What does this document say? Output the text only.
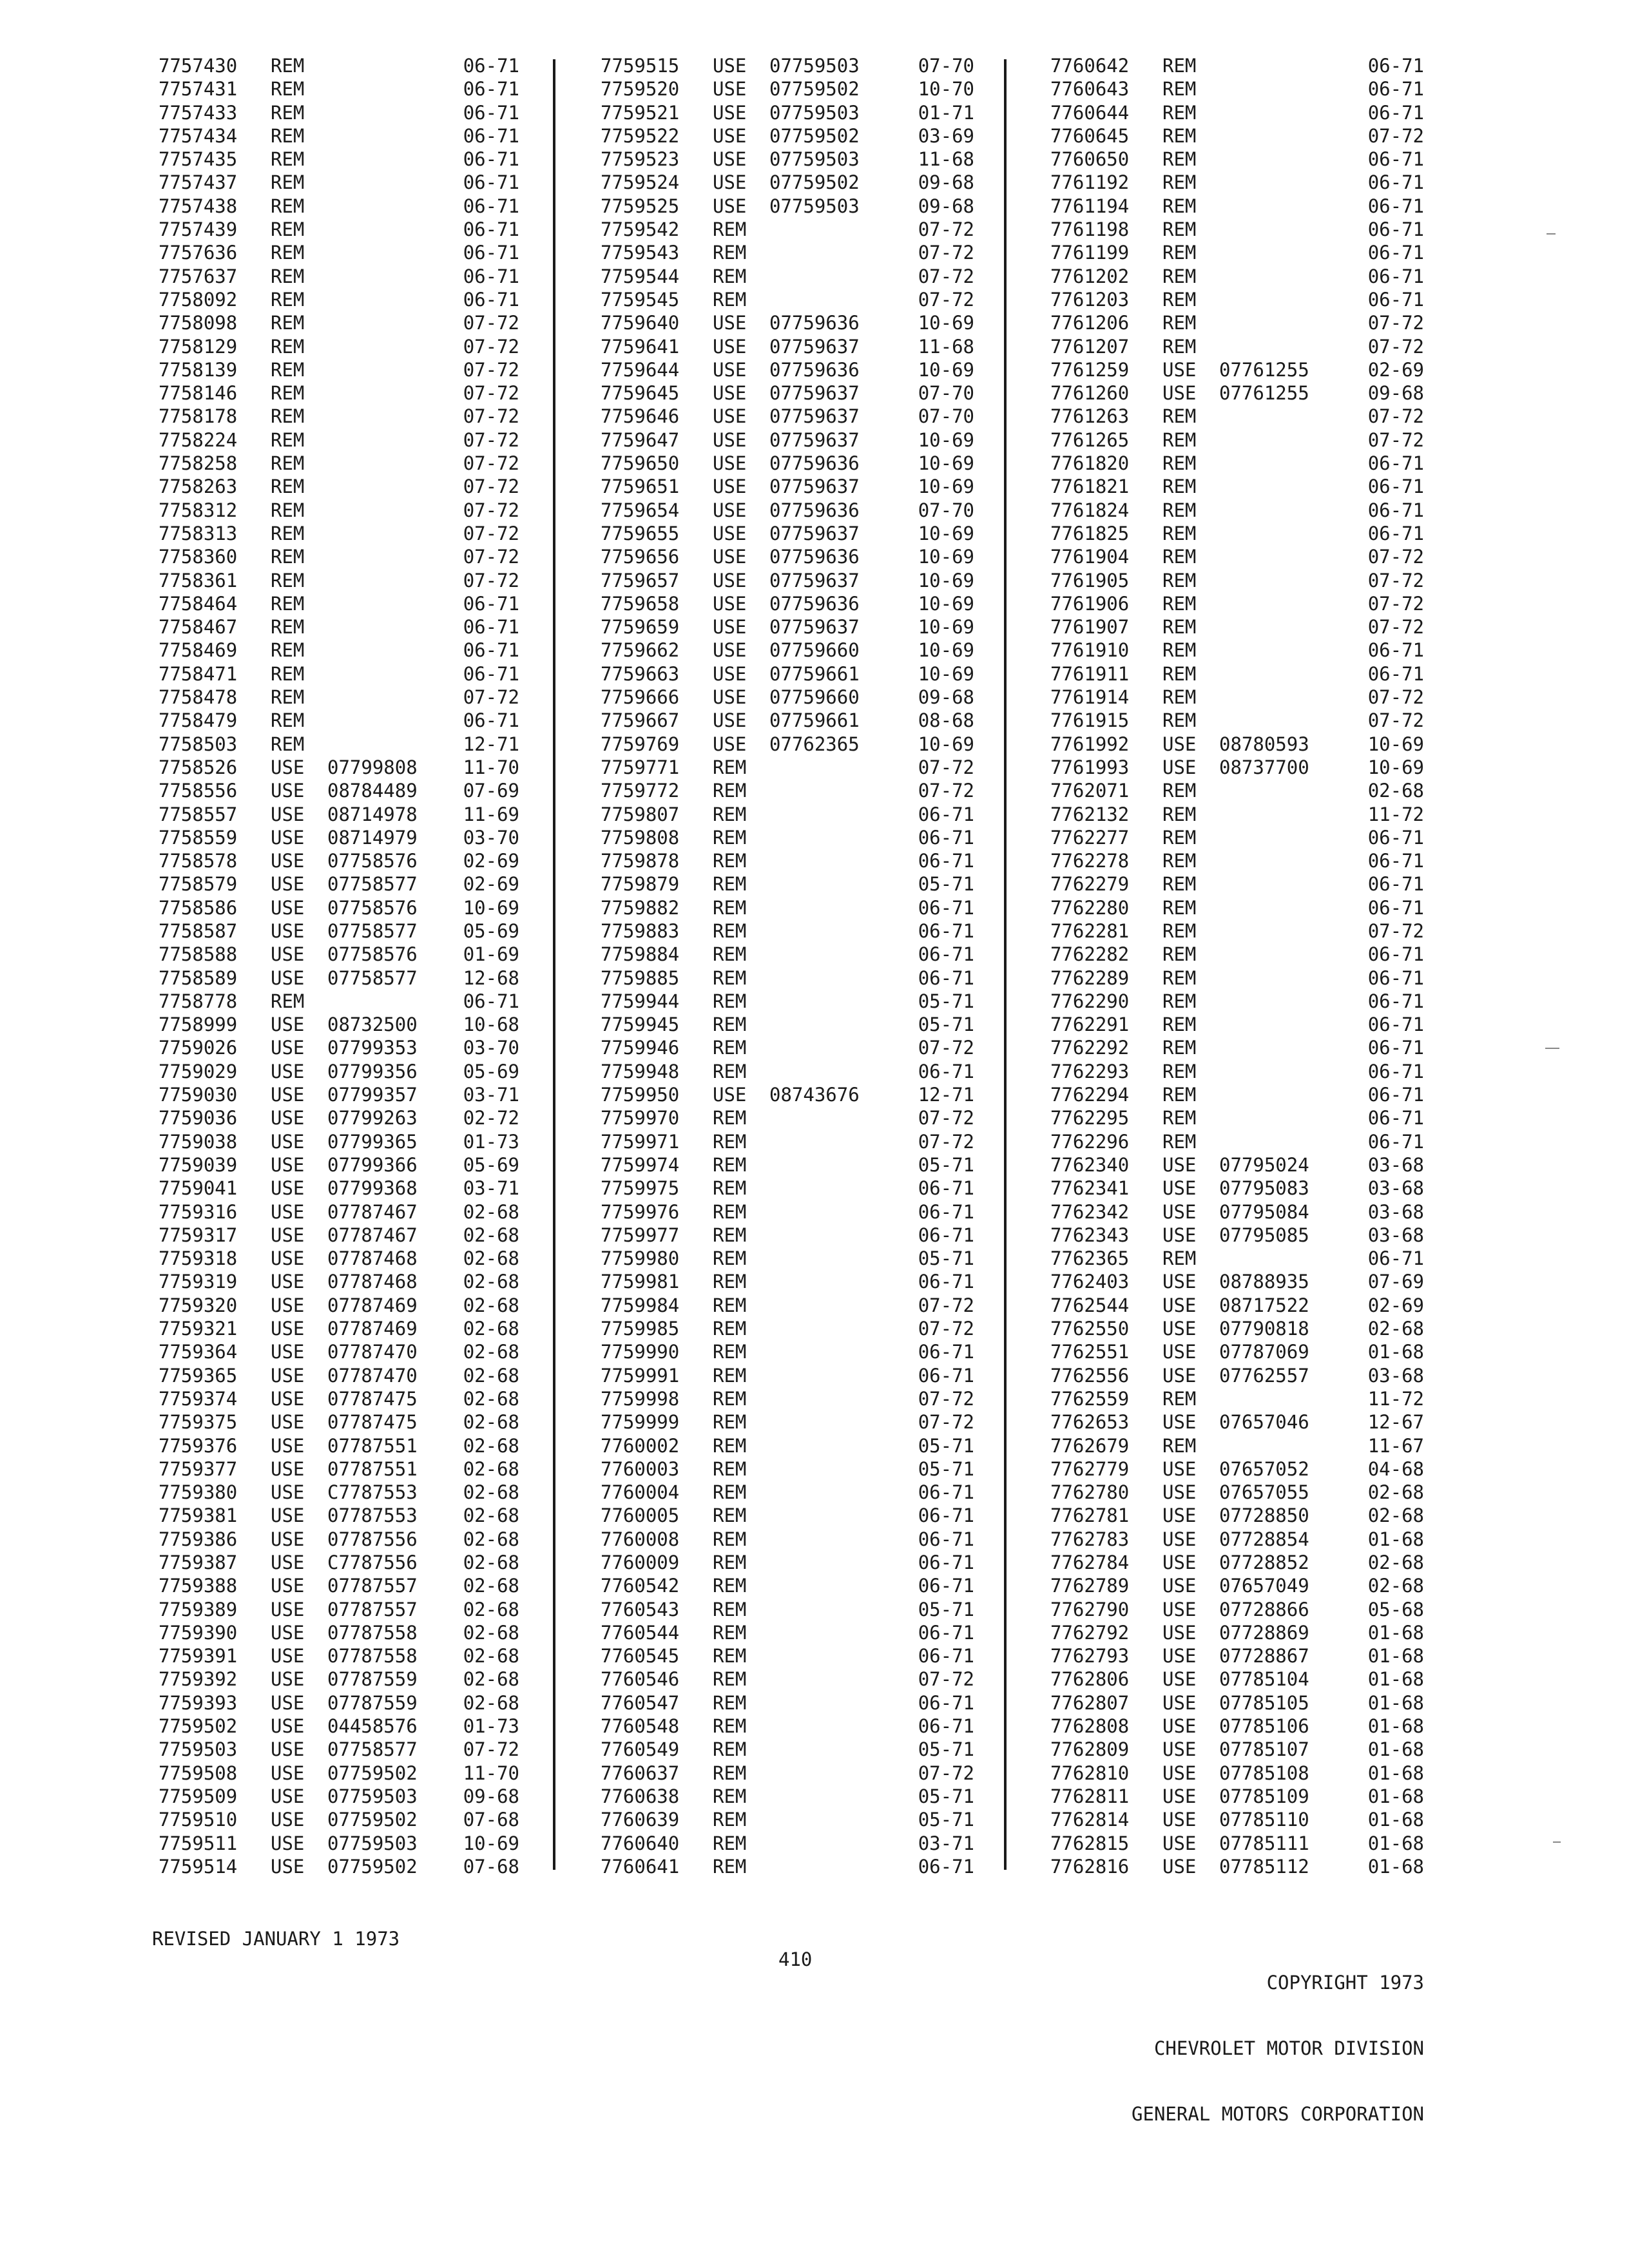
7757430 REM	06-71
7757431 REM	06-71
7757433 REM	06-71
7757434 REM	06-71
7757435 REM	06-71
7757437 REM	06-71
7757438 REM	06-71
7757439 REM	06-71
7757636 REM	06-71
7757637 REM	06-71
7758092 REM	06-71
7758098 REM	07-72
7758129 REM	07-72
7758139 REM	07-72
7758146 REM	07-72
7758178 REM	07-72
7758224 REM	07-72
7758258 REM	07-72
7758263 REM	07-72
7758312 REM	07-72
7758313 REM	07-72
7758360 REM	07-72
7758361 REM	07-72
7758464 REM	06-71
7758467 REM	06-71
7758469 REM	06-71
7758471 REM	06-71
7758478 REM	07-72
7758479 REM	06-71
7758503 REM	12-71
7758526 USE 07799808 11-70
7758556 USE 08784489 07-69
7758557 USE 08714978 11-69
7758559 USE 08714979 03-70
7758578 USE 07758576 02-69
7758579 USE 07758577 02-69
7758586 USE 07758576 10-69
7758587 USE 07758577 05-69
7758588 USE 07758576 01-69
7758589 USE 07758577 12-68
7758778 REM	06-71
7758999 USE 08732500 10-68
7759026 USE 07799353 03-70
7759029 USE 07799356 05-69
7759030 USE 07799357 03-71
7759036 USE 07799263 02-72
7759038 USE 07799365 01-73
7759039 USE 07799366 05-69
7759041 USE 07799368 03-71
7759316 USE 07787467 02-68
7759317 USE 07787467 02-68
7759318 USE 07787468 02-68
7759319 USE 07787468 02-68
7759320 USE 07787469 02-68
7759321 USE 07787469 02-68
7759364 USE 07787470 02-68
7759365 USE 07787470 02-68
7759374 USE 07787475 02-68
7759375 USE 07787475 02-68
7759376 USE 07787551 02-68
7759377 USE 07787551 02-68
7759380 USE C7787553 02-68
7759381 USE 07787553 02-68
7759386 USE 07787556 02-68
7759387 USE C7787556 02-68
7759388 USE 07787557 02-68
7759389 USE 07787557 02-68
7759390 USE 07787558 02-68
7759391 USE 07787558 02-68
7759392 USE 07787559 02-68
7759393 USE 07787559 02-68
7759502 USE 04458576 01-73
7759503 USE 07758577 07-72
7759508 USE 07759502 11-70
7759509 USE 07759503 09-68
7759510 USE 07759502 07-68
7759511 USE 07759503 10-69
7759514 USE 07759502 07-68
7759515 USE 07759503	07-70
7759520 USE 07759502	10-70
7759521 USE 07759503	01-71
7759522 USE 07759502	03-69
7759523 USE 07759503	11-68
7759524 USE 07759502	09-68
7759525 USE 07759503	09-68
7759542 REM	07-72
7759543 REM	07-72
7759544 REM	07-72
7759545 REM	07-72
7759640 USE 07759636	10-69
7759641 USE 07759637	11-68
7759644 USE 07759636	10-69
7759645 USE 07759637	07-70
7759646 USE 07759637	07-70
7759647 USE 07759637	10-69
7759650 USE 07759636	10-69
7759651 USE 07759637	10-69
7759654 USE 07759636	07-70
7759655 USE 07759637	10-69
7759656 USE 07759636	10-69
7759657 USE 07759637	10-69
7759658 USE 07759636	10-69
7759659 USE 07759637	10-69
7759662 USE 07759660	10-69
7759663 USE 07759661	10-69
7759666 USE 07759660	09-68
7759667 USE 07759661	08-68
7759769 USE 07762365	10-69
7759771 REM	07-72
7759772 REM	07-72
7759807 REM	06-71
7759808 REM	06-71
7759878 REM	06-71
7759879 REM	05-71
7759882 REM	06-71
7759883 REM	06-71
7759884 REM	06-71
7759885 REM	06-71
7759944 REM	05-71
7759945 REM	05-71
7759946 REM	07-72
7759948 REM	06-71
7759950 USE 08743676	12-71
7759970 REM	07-72
7759971 REM	07-72
7759974 REM	05-71
7759975 REM	06-71
7759976 REM	06-71
7759977 REM	06-71
7759980 REM	05-71
7759981 REM	06-71
7759984 REM	07-72
7759985 REM	07-72
7759990 REM	06-71
7759991 REM	06-71
7759998 REM	07-72
7759999 REM	07-72
7760002 REM	05-71
7760003 REM	05-71
7760004 REM	06-71
7760005 REM	06-71
7760008 REM	06-71
7760009 REM	06-71
7760542 REM	06-71
7760543 REM	05-71
7760544 REM	06-71
7760545 REM	06-71
7760546 REM	07-72
7760547 REM	06-71
7760548 REM	06-71
7760549 REM	05-71
7760637 REM	07-72
7760638 REM	05-71
7760639 REM	05-71
7760640 REM	03-71
7760641 REM	06-71
7760642 REM	06-71
7760643 REM	06-71
7760644 REM	06-71
7760645 REM	07-72
7760650 REM	06-71
7761192 REM	06-71
7761194 REM	06-71
7761198 REM	06-71
7761199 REM	06-71
7761202 REM	06-71
7761203 REM	06-71
7761206 REM	07-72
7761207 REM	07-72
7761259 USE 07761255	02-69
7761260 USE 07761255	09-68
7761263 REM	07-72
7761265 REM	07-72
7761820 REM	06-71
7761821 REM	06-71
7761824 REM	06-71
7761825 REM	06-71
7761904 REM	07-72
7761905 REM	07-72
7761906 REM	07-72
7761907 REM	07-72
7761910 REM	06-71
7761911 REM	06-71
7761914 REM	07-72
7761915 REM	07-72
7761992 USE 08780593	10-69
7761993 USE 08737700	10-69
7762071 REM	02-68
7762132 REM	11-72
7762277 REM	06-71
7762278 REM	06-71
7762279 REM	06-71
7762280 REM	06-71
7762281 REM	07-72
7762282 REM	06-71
7762289 REM	06-71
7762290 REM	06-71
7762291 REM	06-71
7762292 REM	06-71
7762293 REM	06-71
7762294 REM	06-71
7762295 REM	06-71
7762296 REM	06-71
7762340 USE 07795024	03-68
7762341 USE 07795083	03-68
7762342 USE 07795084	03-68
7762343 USE 07795085	03-68
7762365 REM	06-71
7762403 USE 08788935	07-69
7762544 USE 08717522	02-69
7762550 USE 07790818	02-68
7762551 USE 07787069	01-68
7762556 USE 07762557	03-68
7762559 REM	11-72
7762653 USE 07657046	12-67
7762679 REM	11-67
7762779 USE 07657052	04-68
7762780 USE 07657055	02-68
7762781 USE 07728850	02-68
7762783 USE 07728854	01-68
7762784 USE 07728852	02-68
7762789 USE 07657049	02-68
7762790 USE 07728866	05-68
7762792 USE 07728869	01-68
7762793 USE 07728867	01-68
7762806 USE 07785104	01-68
7762807 USE 07785105	01-68
7762808 USE 07785106	01-68
7762809 USE 07785107	01-68
7762810 USE 07785108	01-68
7762811 USE 07785109	01-68
7762814 USE 07785110	01-68
7762815 USE 07785111	01-68
7762816 USE 07785112	01-68
REVISED JANUARY 1 1973
410

COPYRIGHT 1973

CHEVROLET MOTOR DIVISION

GENERAL MOTORS CORPORATION
